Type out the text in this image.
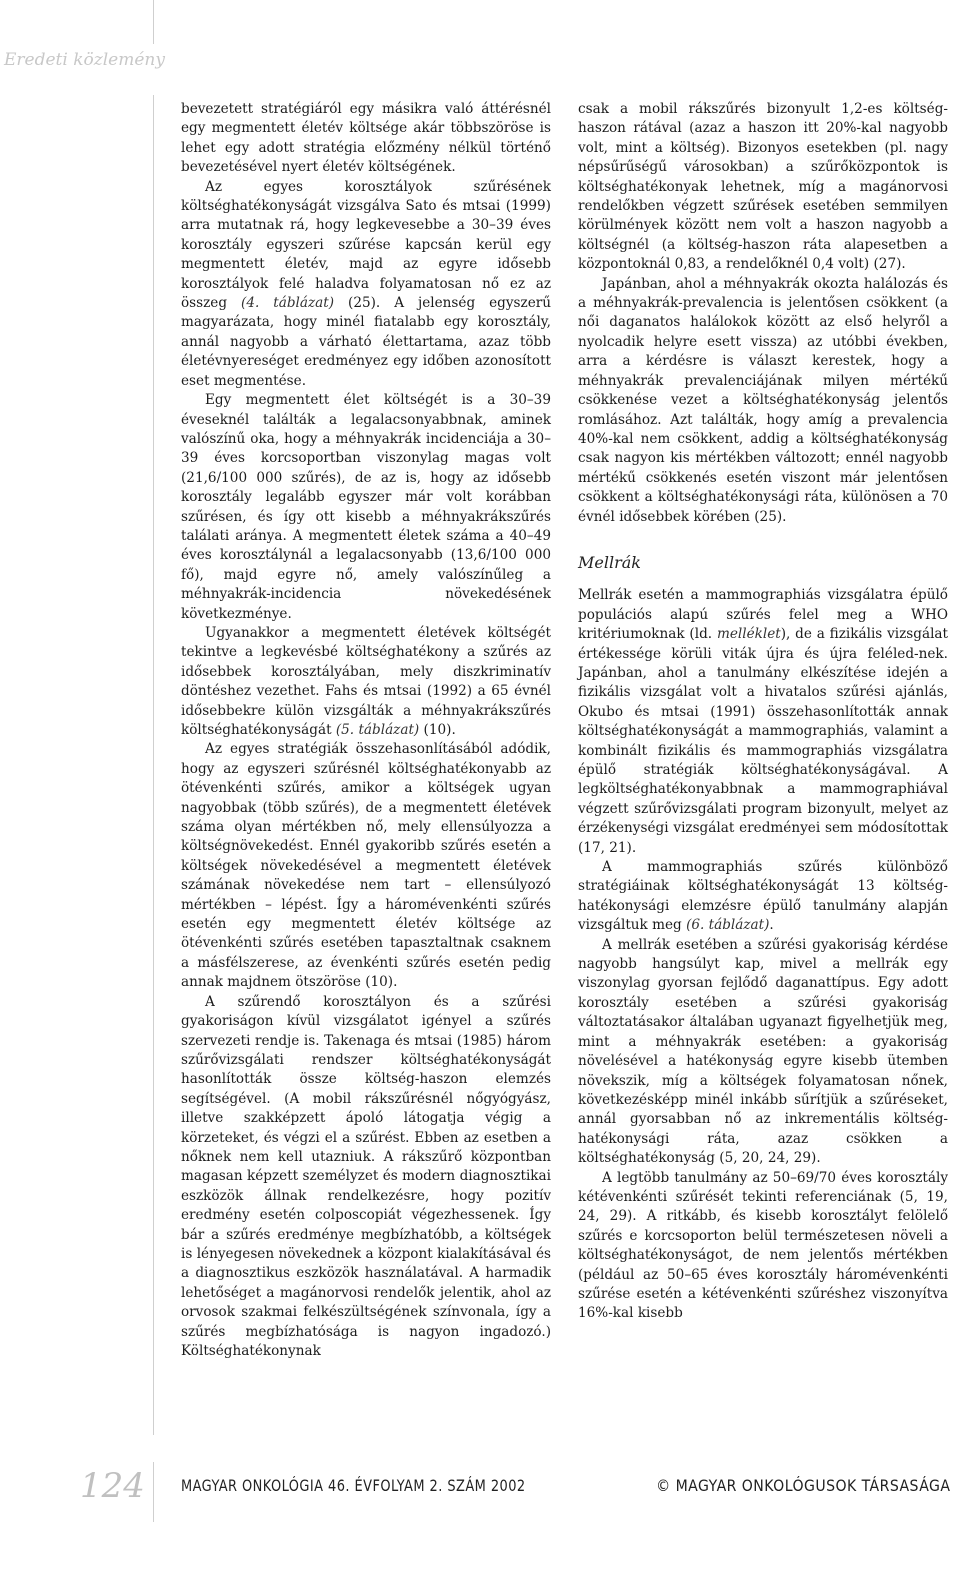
Eredeti közlemény

bevezetett stratégiáról egy másikra való áttérésnél egy megmentett életév költsége akár többszöröse is lehet egy adott stratégia előzmény nélkül történő bevezetésével nyert életév költségének.

Az egyes korosztályok szűrésének költséghatékonyságát vizsgálva Sato és mtsai (1999) arra mutatnak rá, hogy legkevesebbe a 30–39 éves korosztály egyszeri szűrése kapcsán kerül egy megmentett életév, majd az egyre idősebb korosztályok felé haladva folyamatosan nő ez az összeg (4. táblázat) (25). A jelenség egyszerű magyarázata, hogy minél fiatalabb egy korosztály, annál nagyobb a várható élettartama, azaz több életévnyereséget eredményez egy időben azonosított eset megmentése.

Egy megmentett élet költségét is a 30–39 éveseknél találták a legalacsonyabbnak, aminek valószínű oka, hogy a méhnyakrák incidenciája a 30–39 éves korcsoportban viszonylag magas volt (21,6/100 000 szűrés), de az is, hogy az idősebb korosztály legalább egyszer már volt korábban szűrésen, és így ott kisebb a méhnyakrákszűrés találati aránya. A megmentett életek száma a 40–49 éves korosztálynál a legalacsonyabb (13,6/100 000 fő), majd egyre nő, amely valószínűleg a méhnyakrák-incidencia növekedésének következménye.

Ugyanakkor a megmentett életévek költségét tekintve a legkevésbé költséghatékony a szűrés az idősebbek korosztályában, mely diszkriminatív döntéshez vezethet. Fahs és mtsai (1992) a 65 évnél idősebbekre külön vizsgálták a méhnyakrákszűrés költséghatékonyságát (5. táblázat) (10).

Az egyes stratégiák összehasonlításából adódik, hogy az egyszeri szűrésnél költséghatékonyabb az ötévenkénti szűrés, amikor a költségek ugyan nagyobbak (több szűrés), de a megmentett életévek száma olyan mértékben nő, mely ellensúlyozza a költségnövekedést. Ennél gyakoribb szűrés esetén a költségek növekedésével a megmentett életévek számának növekedése nem tart – ellensúlyozó mértékben – lépést. Így a háromévenkénti szűrés esetén egy megmentett életév költsége az ötévenkénti szűrés esetében tapasztaltnak csaknem a másfélszerese, az évenkénti szűrés esetén pedig annak majdnem ötszöröse (10).

A szűrendő korosztályon és a szűrési gyakoriságon kívül vizsgálatot igényel a szűrés szervezeti rendje is. Takenaga és mtsai (1985) három szűrővizsgálati rendszer költséghatékonyságát hasonlították össze költség-haszon elemzés segítségével. (A mobil rákszűrésnél nőgyógyász, illetve szakképzett ápoló látogatja végig a körzeteket, és végzi el a szűrést. Ebben az esetben a nőknek nem kell utazniuk. A rákszűrő központban magasan képzett személyzet és modern diagnosztikai eszközök állnak rendelkezésre, hogy pozitív eredmény esetén colposcopiát végezhessenek. Így bár a szűrés eredménye megbízhatóbb, a költségek is lényegesen növekednek a központ kialakításával és a diagnosztikus eszközök használatával. A harmadik lehetőséget a magánorvosi rendelők jelentik, ahol az orvosok szakmai felkészültségének színvonala, így a szűrés megbízhatósága is nagyon ingadozó.) Költséghatékonynak

csak a mobil rákszűrés bizonyult 1,2-es költség-haszon rátával (azaz a haszon itt 20%-kal nagyobb volt, mint a költség). Bizonyos esetekben (pl. nagy népsűrűségű városokban) a szűrőközpontok is költséghatékonyak lehetnek, míg a magánorvosi rendelőkben végzett szűrések esetében semmilyen körülmények között nem volt a haszon nagyobb a költségnél (a költség-haszon ráta alapesetben a központoknál 0,83, a rendelőknél 0,4 volt) (27).

Japánban, ahol a méhnyakrák okozta halálozás és a méhnyakrák-prevalencia is jelentősen csökkent (a női daganatos halálokok között az első helyről a nyolcadik helyre esett vissza) az utóbbi években, arra a kérdésre is választ kerestek, hogy a méhnyakrák prevalenciájának milyen mértékű csökkenése vezet a költséghatékonyság jelentős romlásához. Azt találták, hogy amíg a prevalencia 40%-kal nem csökkent, addig a költséghatékonyság csak nagyon kis mértékben változott; ennél nagyobb mértékű csökkenés esetén viszont már jelentősen csökkent a költséghatékonysági ráta, különösen a 70 évnél idősebbek körében (25).

Mellrák

Mellrák esetén a mammographiás vizsgálatra épülő populációs alapú szűrés felel meg a WHO kritériumoknak (ld. melléklet), de a fizikális vizsgálat értékessége körüli viták újra és újra feléled-nek. Japánban, ahol a tanulmány elkészítése idején a fizikális vizsgálat volt a hivatalos szűrési ajánlás, Okubo és mtsai (1991) összehasonlították annak költséghatékonyságát a mammographiás, valamint a kombinált fizikális és mammographiás vizsgálatra épülő stratégiák költséghatékonyságával. A legköltséghatékonyabbnak a mammographiával végzett szűrővizsgálati program bizonyult, melyet az érzékenységi vizsgálat eredményei sem módosítottak (17, 21).

A mammographiás szűrés különböző stratégiáinak költséghatékonyságát 13 költség-hatékonysági elemzésre épülő tanulmány alapján vizsgáltuk meg (6. táblázat).

A mellrák esetében a szűrési gyakoriság kérdése nagyobb hangsúlyt kap, mivel a mellrák egy viszonylag gyorsan fejlődő daganattípus. Egy adott korosztály esetében a szűrési gyakoriság változtatásakor általában ugyanazt figyelhetjük meg, mint a méhnyakrák esetében: a gyakoriság növelésével a hatékonyság egyre kisebb ütemben növekszik, míg a költségek folyamatosan nőnek, következésképp minél inkább sűrítjük a szűréseket, annál gyorsabban nő az inkrementális költség-hatékonysági ráta, azaz csökken a költséghatékonyság (5, 20, 24, 29).

A legtöbb tanulmány az 50–69/70 éves korosztály kétévenkénti szűrését tekinti referenciának (5, 19, 24, 29). A ritkább, és kisebb korosztályt felölelő szűrés e korcsoporton belül természetesen növeli a költséghatékonyságot, de nem jelentős mértékben (például az 50–65 éves korosztály háromévenkénti szűrése esetén a kétévenkénti szűréshez viszonyítva 16%-kal kisebb

124 MAGYAR ONKOLÓGIA 46. ÉVFOLYAM 2. SZÁM 2002	© MAGYAR ONKOLÓGUSOK TÁRSASÁGA
